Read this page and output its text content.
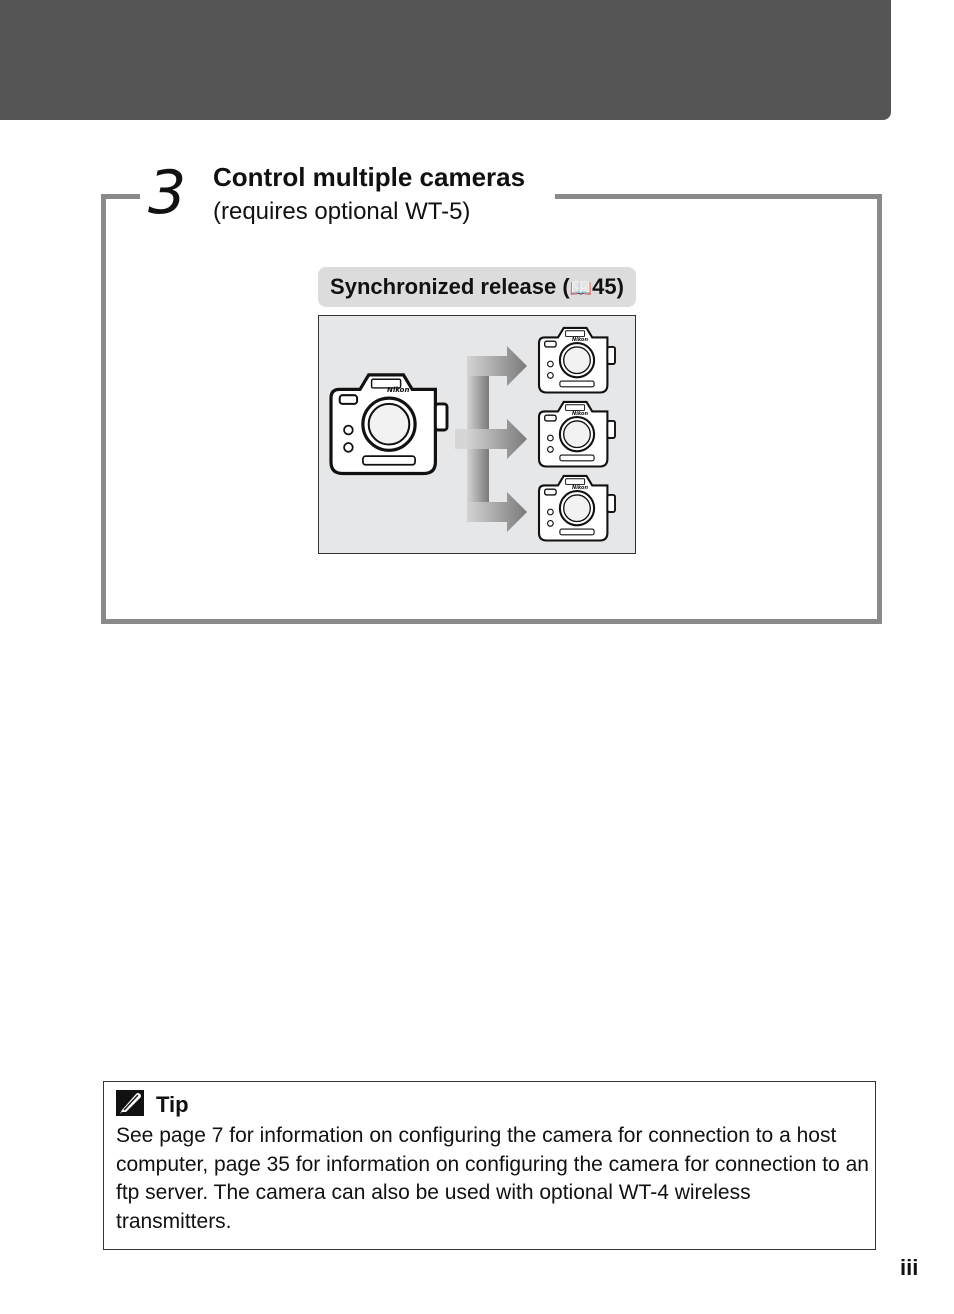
3 Control multiple cameras
(requires optional WT-5)
Synchronized release (📖45)
Nikon
Nikon
Nikon
Nikon
Tip
See page 7 for information on configuring the camera for connection to a host computer, page 35 for information on configuring the camera for connection to an ftp server. The camera can also be used with optional WT-4 wireless transmitters.
iii
